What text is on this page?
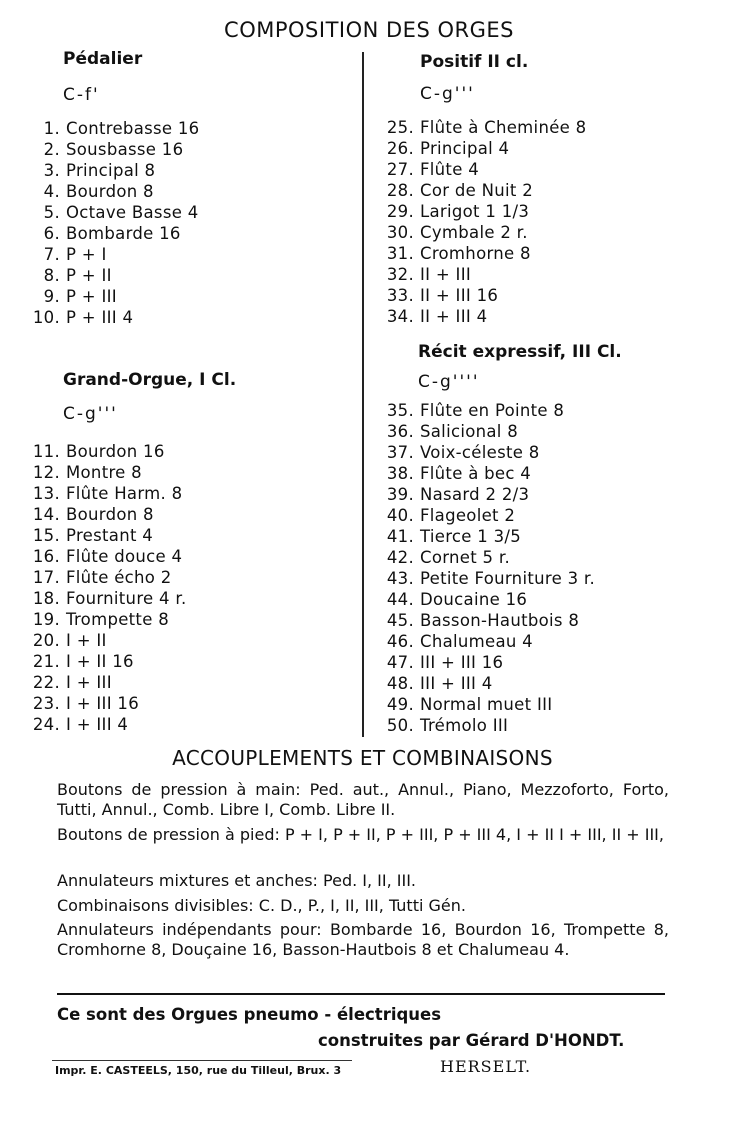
COMPOSITION DES ORGES
Pédalier
C-f'
1. Contrebasse 16
2. Sousbasse 16
3. Principal 8
4. Bourdon 8
5. Octave Basse 4
6. Bombarde 16
7. P + I
8. P + II
9. P + III
10. P + III 4
Grand-Orgue, I Cl.
C-g'''
11. Bourdon 16
12. Montre 8
13. Flûte Harm. 8
14. Bourdon 8
15. Prestant 4
16. Flûte douce 4
17. Flûte écho 2
18. Fourniture 4 r.
19. Trompette 8
20. I + II
21. I + II 16
22. I + III
23. I + III 16
24. I + III 4
Positif II cl.
C-g'''
25. Flûte à Cheminée 8
26. Principal 4
27. Flûte 4
28. Cor de Nuit 2
29. Larigot 1 1/3
30. Cymbale 2 r.
31. Cromhorne 8
32. II + III
33. II + III 16
34. II + III 4
Récit expressif, III Cl.
C-g''''
35. Flûte en Pointe 8
36. Salicional 8
37. Voix-céleste 8
38. Flûte à bec 4
39. Nasard 2 2/3
40. Flageolet 2
41. Tierce 1 3/5
42. Cornet 5 r.
43. Petite Fourniture 3 r.
44. Doucaine 16
45. Basson-Hautbois 8
46. Chalumeau 4
47. III + III 16
48. III + III 4
49. Normal muet III
50. Trémolo III
ACCOUPLEMENTS ET COMBINAISONS
Boutons de pression à main: Ped. aut., Annul., Piano, Mezzoforto, Forto, Tutti, Annul., Comb. Libre I, Comb. Libre II.
Boutons de pression à pied: P + I, P + II, P + III, P + III 4, I + II I + III, II + III,
Annulateurs mixtures et anches: Ped. I, II, III.
Combinaisons divisibles: C. D., P., I, II, III, Tutti Gén.
Annulateurs indépendants pour: Bombarde 16, Bourdon 16, Trompette 8, Cromhorne 8, Douçaine 16, Basson-Hautbois 8 et Chalumeau 4.
Ce sont des Orgues pneumo - électriques
construites par Gérard D'HONDT.
Impr. E. CASTEELS, 150, rue du Tilleul, Brux. 3	HERSELT.
